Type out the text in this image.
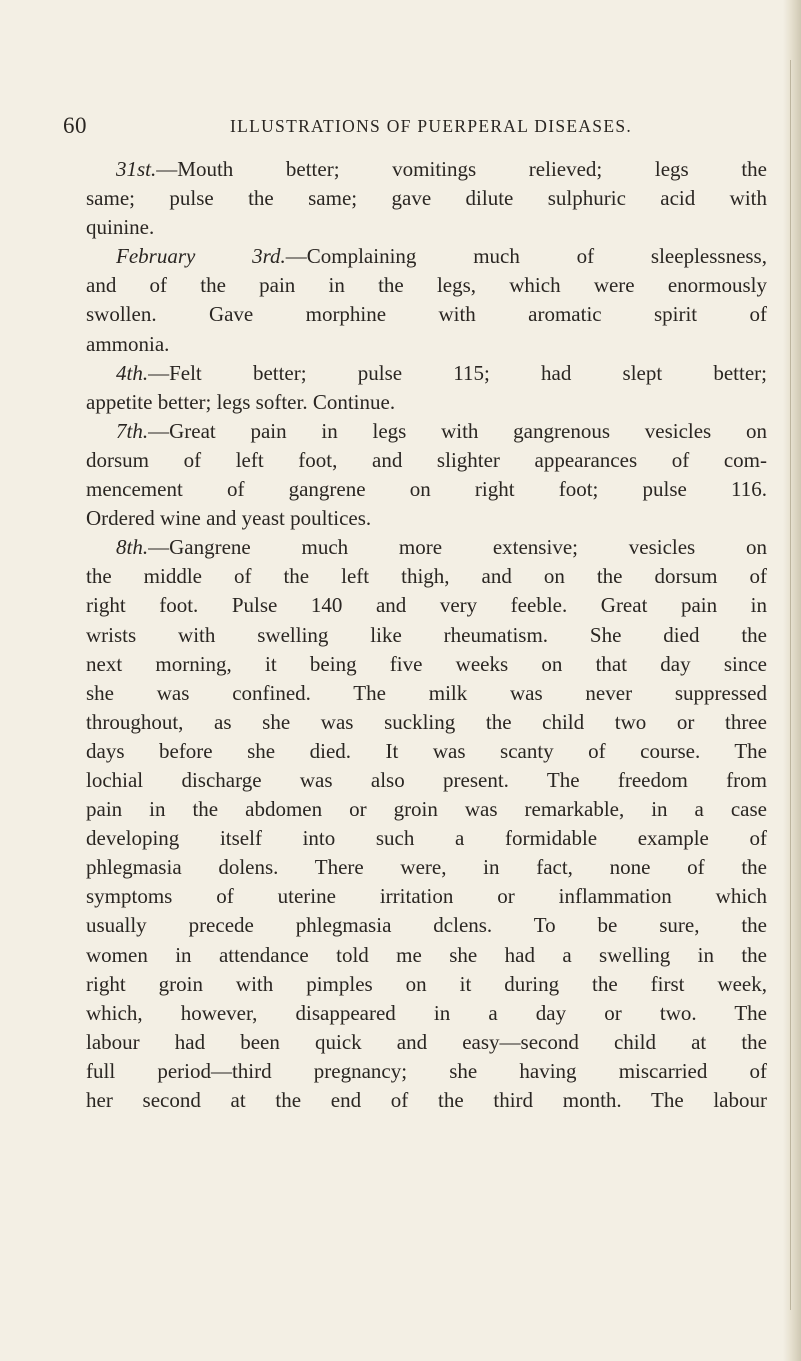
60	ILLUSTRATIONS OF PUERPERAL DISEASES.
31st.—Mouth better; vomitings relieved; legs the
same; pulse the same; gave dilute sulphuric acid with
quinine.
February 3rd.—Complaining much of sleeplessness,
and of the pain in the legs, which were enormously
swollen. Gave morphine with aromatic spirit of
ammonia.
4th.—Felt better; pulse 115; had slept better;
appetite better; legs softer. Continue.
7th.—Great pain in legs with gangrenous vesicles on
dorsum of left foot, and slighter appearances of com-
mencement of gangrene on right foot; pulse 116.
Ordered wine and yeast poultices.
8th.—Gangrene much more extensive; vesicles on
the middle of the left thigh, and on the dorsum of
right foot. Pulse 140 and very feeble. Great pain in
wrists with swelling like rheumatism. She died the
next morning, it being five weeks on that day since
she was confined. The milk was never suppressed
throughout, as she was suckling the child two or three
days before she died. It was scanty of course. The
lochial discharge was also present. The freedom from
pain in the abdomen or groin was remarkable, in a case
developing itself into such a formidable example of
phlegmasia dolens. There were, in fact, none of the
symptoms of uterine irritation or inflammation which
usually precede phlegmasia dclens. To be sure, the
women in attendance told me she had a swelling in the
right groin with pimples on it during the first week,
which, however, disappeared in a day or two. The
labour had been quick and easy—second child at the
full period—third pregnancy; she having miscarried of
her second at the end of the third month. The labour
